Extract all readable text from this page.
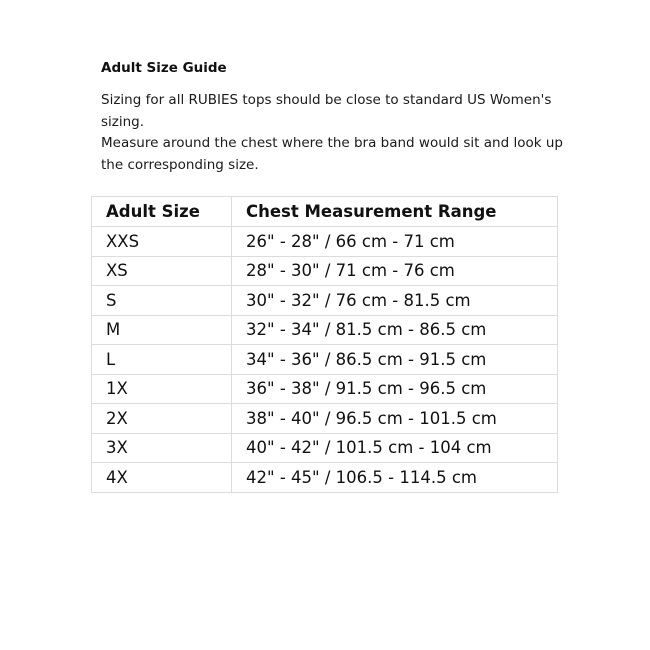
Adult Size Guide

Sizing for all RUBIES tops should be close to standard US Women's sizing.

Measure around the chest where the bra band would sit and look up the corresponding size.

Adult Size	Chest Measurement Range
XXS	26" - 28" / 66 cm - 71 cm
XS	28" - 30" / 71 cm - 76 cm
S	30" - 32" / 76 cm - 81.5 cm
M	32" - 34" / 81.5 cm - 86.5 cm
L	34" - 36" / 86.5 cm - 91.5 cm
1X	36" - 38" / 91.5 cm - 96.5 cm
2X	38" - 40" / 96.5 cm - 101.5 cm
3X	40" - 42" / 101.5 cm - 104 cm
4X	42" - 45" / 106.5 - 114.5 cm
